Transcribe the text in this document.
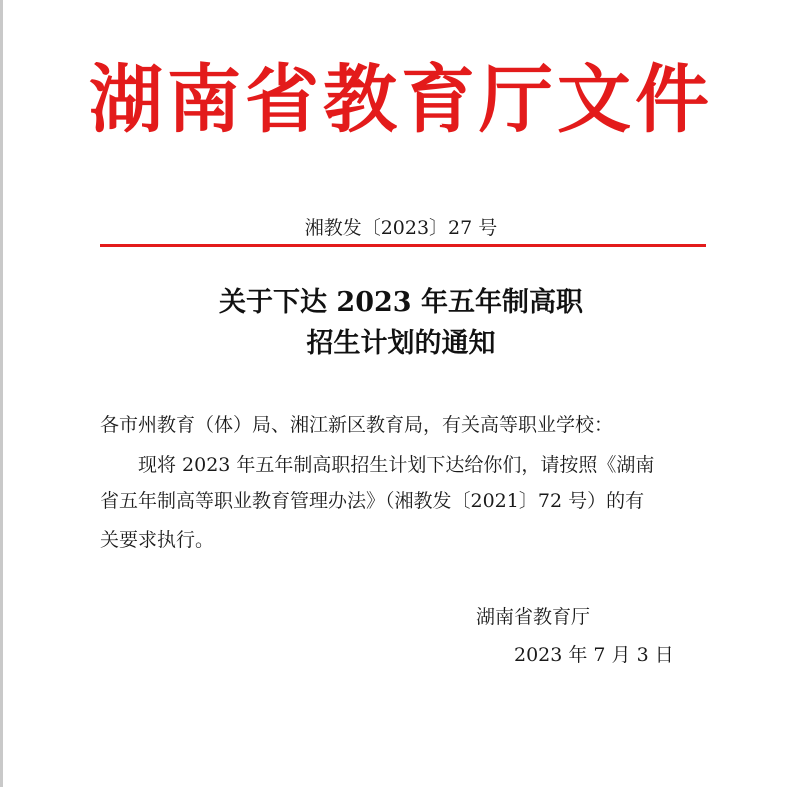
湖南省教育厅文件
湘教发〔2023〕27 号
关于下达 2023 年五年制高职
招生计划的通知
各市州教育（体）局、湘江新区教育局，有关高等职业学校：
现将 2023 年五年制高职招生计划下达给你们，请按照《湖南
省五年制高等职业教育管理办法》（湘教发〔2021〕72 号）的有
关要求执行。
湖南省教育厅
2023 年 7 月 3 日
